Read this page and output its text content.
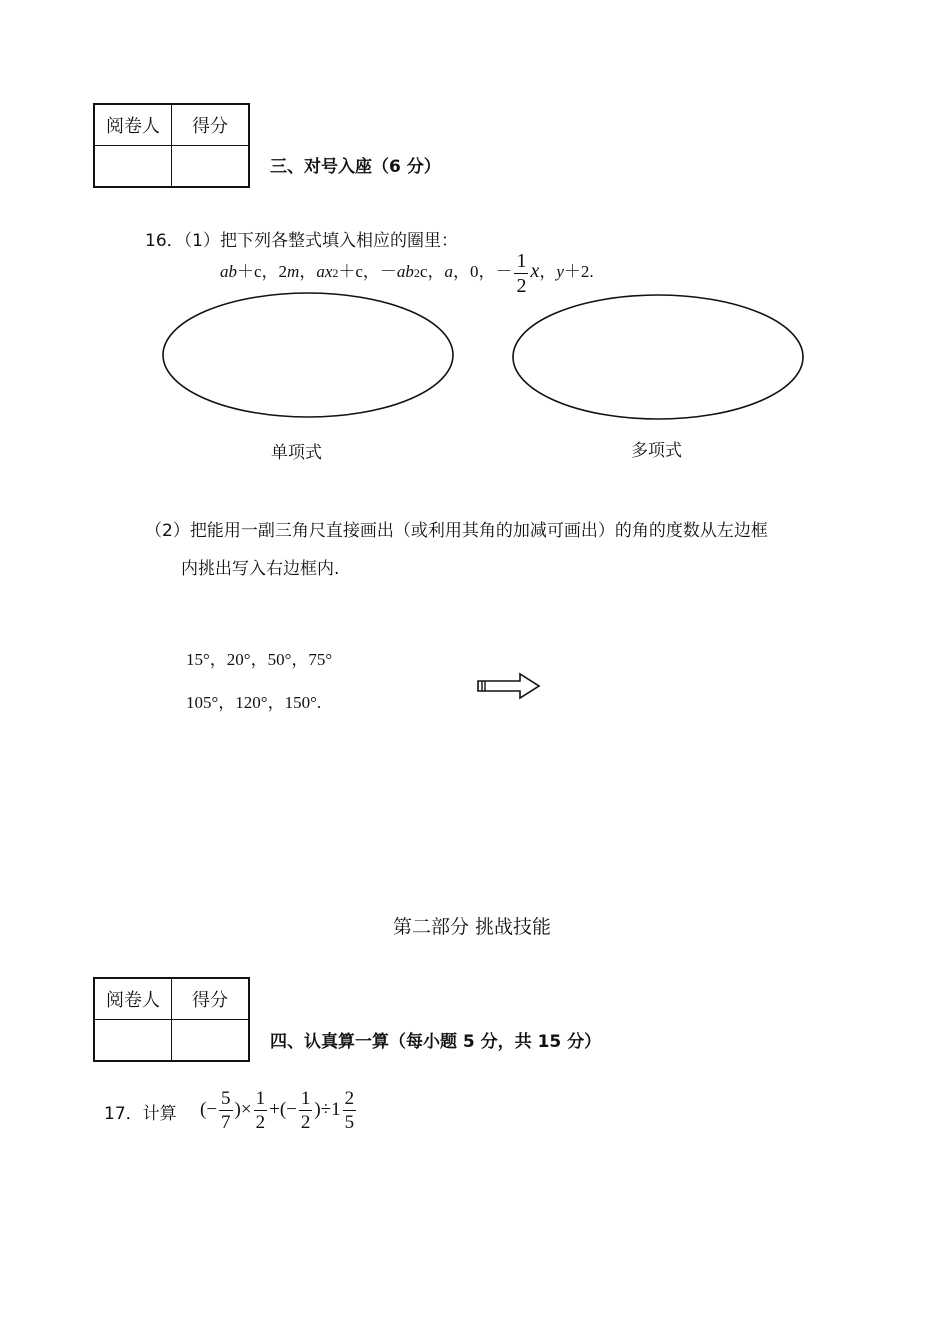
阅卷人	得分

三、对号入座（6 分）
16．（1）把下列各整式填入相应的圈里：
ab＋c，2m，ax2＋c，－ab2c，a，0，－ $\frac{1}{2}$ x，y＋2.
单项式	多项式
（2）把能用一副三角尺直接画出（或利用其角的加减可画出）的角的度数从左边框
内挑出写入右边框内.
15°，20°，50°，75°
105°，120°，150°.
第二部分 挑战技能
阅卷人	得分

四、认真算一算（每小题 5 分，共 15 分）
17．计算 (− $\frac{5}{7}$ )× $\frac{1}{2}$ +(− $\frac{1}{2} )\div 1 \frac{2}{5}$
